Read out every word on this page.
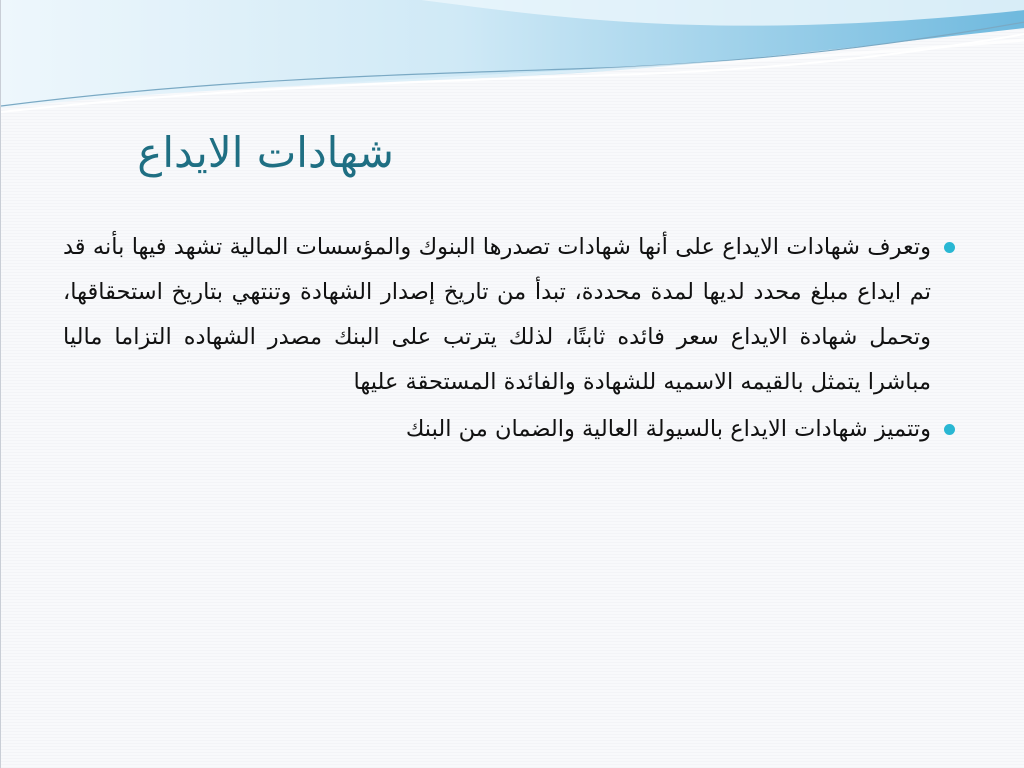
شهادات الايداع

وتعرف شهادات الايداع على أنها شهادات تصدرها البنوك والمؤسسات المالية تشهد فيها بأنه قد تم ايداع مبلغ محدد لديها لمدة محددة، تبدأ من تاريخ إصدار الشهادة وتنتهي بتاريخ استحقاقها، وتحمل شهادة الايداع سعر فائده ثابتًا، لذلك يترتب على البنك مصدر الشهاده التزاما ماليا مباشرا يتمثل بالقيمه الاسميه للشهادة والفائدة المستحقة عليها

وتتميز شهادات الايداع بالسيولة العالية والضمان من البنك
